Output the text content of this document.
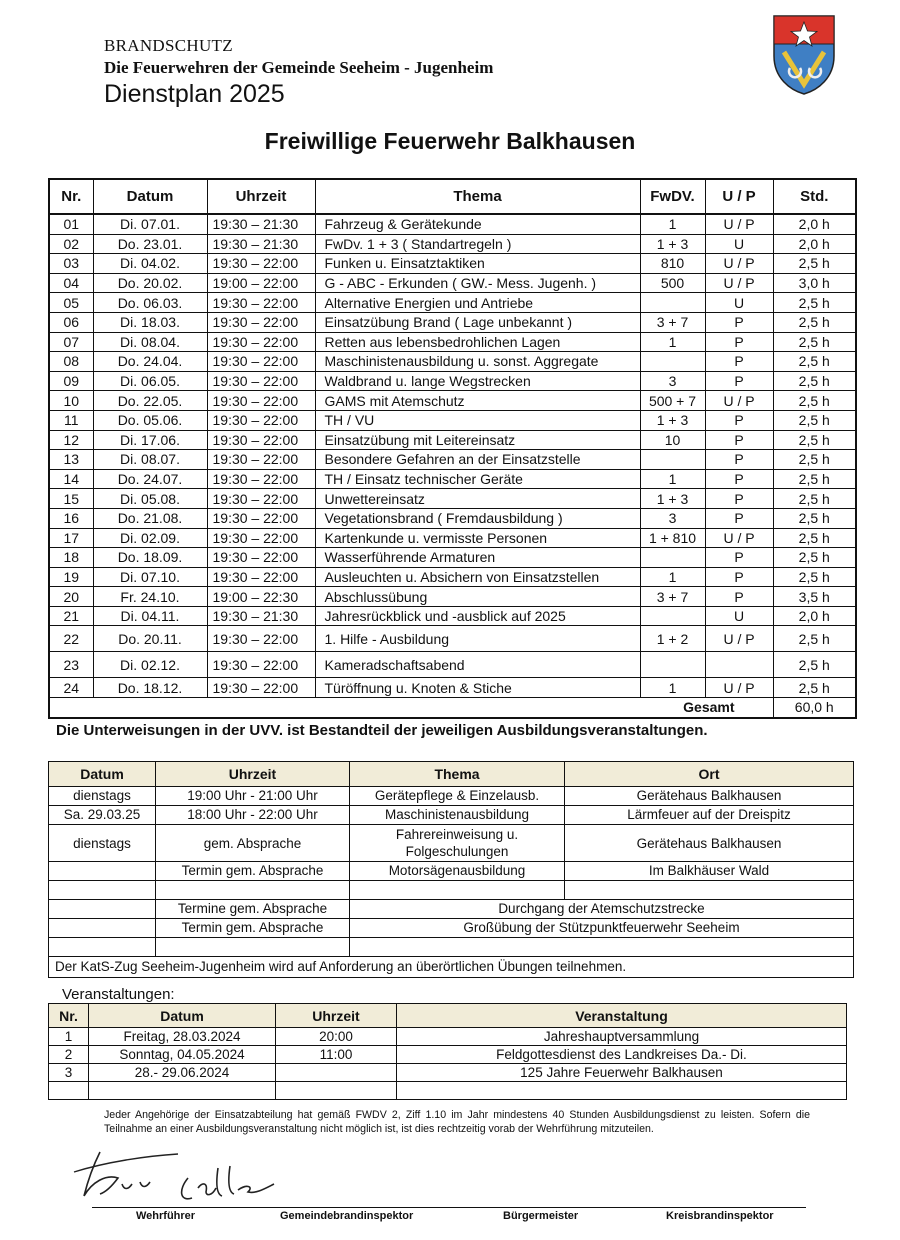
BRANDSCHUTZ
Die Feuerwehren der Gemeinde Seeheim - Jugenheim
Dienstplan 2025
Freiwillige Feuerwehr Balkhausen
Nr.	Datum	Uhrzeit	Thema	FwDV.	U / P	Std.
01	Di. 07.01.	19:30 – 21:30	Fahrzeug & Gerätekunde	1	U / P	2,0 h
02	Do. 23.01.	19:30 – 21:30	FwDv. 1 + 3 ( Standartregeln )	1 + 3	U	2,0 h
03	Di. 04.02.	19:30 – 22:00	Funken u. Einsatztaktiken	810	U / P	2,5 h
04	Do. 20.02.	19:00 – 22:00	G - ABC - Erkunden ( GW.- Mess. Jugenh. )	500	U / P	3,0 h
05	Do. 06.03.	19:30 – 22:00	Alternative Energien und Antriebe		U	2,5 h
06	Di. 18.03.	19:30 – 22:00	Einsatzübung Brand ( Lage unbekannt )	3 + 7	P	2,5 h
07	Di. 08.04.	19:30 – 22:00	Retten aus lebensbedrohlichen Lagen	1	P	2,5 h
08	Do. 24.04.	19:30 – 22:00	Maschinistenausbildung u. sonst. Aggregate		P	2,5 h
09	Di. 06.05.	19:30 – 22:00	Waldbrand u. lange Wegstrecken	3	P	2,5 h
10	Do. 22.05.	19:30 – 22:00	GAMS mit Atemschutz	500 + 7	U / P	2,5 h
11	Do. 05.06.	19:30 – 22:00	TH / VU	1 + 3	P	2,5 h
12	Di. 17.06.	19:30 – 22:00	Einsatzübung mit Leitereinsatz	10	P	2,5 h
13	Di. 08.07.	19:30 – 22:00	Besondere Gefahren an der Einsatzstelle		P	2,5 h
14	Do. 24.07.	19:30 – 22:00	TH / Einsatz technischer Geräte	1	P	2,5 h
15	Di. 05.08.	19:30 – 22:00	Unwettereinsatz	1 + 3	P	2,5 h
16	Do. 21.08.	19:30 – 22:00	Vegetationsbrand ( Fremdausbildung )	3	P	2,5 h
17	Di. 02.09.	19:30 – 22:00	Kartenkunde u. vermisste Personen	1 + 810	U / P	2,5 h
18	Do. 18.09.	19:30 – 22:00	Wasserführende Armaturen		P	2,5 h
19	Di. 07.10.	19:30 – 22:00	Ausleuchten u. Absichern von Einsatzstellen	1	P	2,5 h
20	Fr. 24.10.	19:00 – 22:30	Abschlussübung	3 + 7	P	3,5 h
21	Di. 04.11.	19:30 – 21:30	Jahresrückblick und -ausblick auf 2025		U	2,0 h
22	Do. 20.11.	19:30 – 22:00	1. Hilfe - Ausbildung	1 + 2	U / P	2,5 h
23	Di. 02.12.	19:30 – 22:00	Kameradschaftsabend			2,5 h
24	Do. 18.12.	19:30 – 22:00	Türöffnung u. Knoten & Stiche	1	U / P	2,5 h
Gesamt						60,0 h
Die Unterweisungen in der UVV. ist Bestandteil der jeweiligen Ausbildungsveranstaltungen.
Datum	Uhrzeit	Thema	Ort
dienstags	19:00 Uhr - 21:00 Uhr	Gerätepflege & Einzelausb.	Gerätehaus Balkhausen
Sa. 29.03.25	18:00 Uhr - 22:00 Uhr	Maschinistenausbildung	Lärmfeuer auf der Dreispitz
dienstags	gem. Absprache	Fahrereinweisung u. Folgeschulungen	Gerätehaus Balkhausen
	Termin gem. Absprache	Motorsägenausbildung	Im Balkhäuser Wald

	Termine gem. Absprache	Durchgang der Atemschutzstrecke	
	Termin gem. Absprache	Großübung der Stützpunktfeuerwehr Seeheim	

Der KatS-Zug Seeheim-Jugenheim wird auf Anforderung an überörtlichen Übungen teilnehmen.			
Veranstaltungen:
Nr.	Datum	Uhrzeit	Veranstaltung
1	Freitag, 28.03.2024	20:00	Jahreshauptversammlung
2	Sonntag, 04.05.2024	11:00	Feldgottesdienst des Landkreises Da.- Di.
3	28.- 29.06.2024		125 Jahre Feuerwehr Balkhausen

Jeder Angehörige der Einsatzabteilung hat gemäß FWDV 2, Ziff 1.10 im Jahr mindestens 40 Stunden Ausbildungsdienst zu leisten. Sofern die Teilnahme an einer Ausbildungsveranstaltung nicht möglich ist, ist dies rechtzeitig vorab der Wehrführung mitzuteilen.
Wehrführer	Gemeindebrandinspektor	Bürgermeister	Kreisbrandinspektor
